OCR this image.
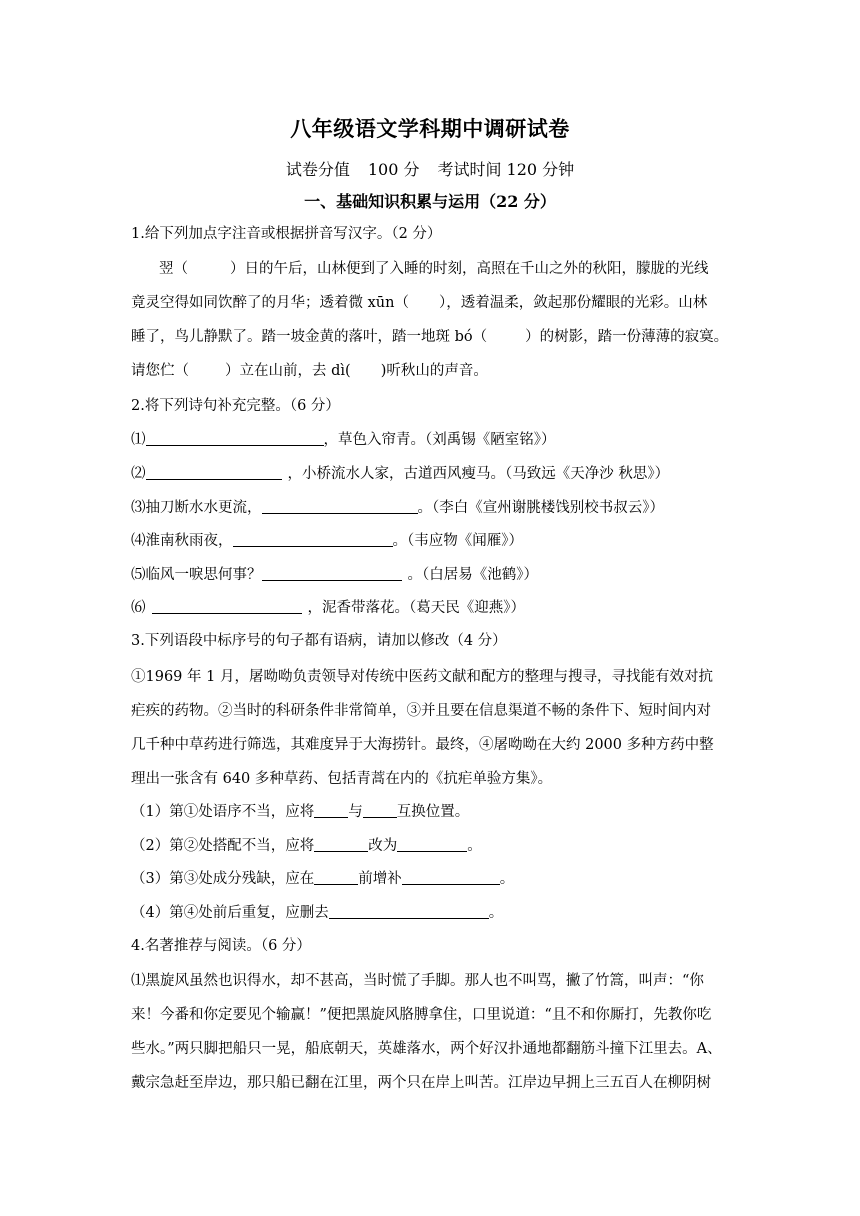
八年级语文学科期中调研试卷
试卷分值 100 分 考试时间 120 分钟
一、基础知识积累与运用（22 分）
1.给下列加点字注音或根据拼音写汉字。（2 分）
翌（	）日的午后，山林便到了入睡的时刻，高照在千山之外的秋阳，朦胧的光线
竟灵空得如同饮醉了的月华；透着微 xūn（ ），透着温柔，敛起那份耀眼的光彩。山林
睡了，鸟儿静默了。踏一坡金黄的落叶，踏一地斑 bó（	）的树影，踏一份薄薄的寂寞。
请您伫（ ）立在山前，去 dì( )听秋山的声音。
2.将下列诗句补充完整。（6 分）
⑴	，草色入帘青。（刘禹锡《陋室铭》）
⑵	，小桥流水人家，古道西风瘦马。（马致远《天净沙 秋思》）
⑶抽刀断水水更流，	。（李白《宣州谢朓楼饯别校书叔云》）
⑷淮南秋雨夜，	。（韦应物《闻雁》）
⑸临风一唳思何事？	。（白居易《池鹤》）
⑹	，泥香带落花。（葛天民《迎燕》）
3.下列语段中标序号的句子都有语病，请加以修改（4 分）
①1969 年 1 月，屠呦呦负责领导对传统中医药文献和配方的整理与搜寻，寻找能有效对抗
疟疾的药物。②当时的科研条件非常简单，③并且要在信息渠道不畅的条件下、短时间内对
几千种中草药进行筛选，其难度异于大海捞针。最终，④屠呦呦在大约 2000 多种方药中整
理出一张含有 640 多种草药、包括青蒿在内的《抗疟单验方集》。
（1）第①处语序不当，应将 与 互换位置。
（2）第②处搭配不当，应将	改为	。
（3）第③处成分残缺，应在	前增补	。
（4）第④处前后重复，应删去	。
4.名著推荐与阅读。（6 分）
⑴黑旋风虽然也识得水，却不甚高，当时慌了手脚。那人也不叫骂，撇了竹篙，叫声：“你
来！今番和你定要见个输赢！”便把黑旋风胳膊拿住，口里说道：“且不和你厮打，先教你吃
些水。”两只脚把船只一晃，船底朝天，英雄落水，两个好汉扑通地都翻筋斗撞下江里去。A、
戴宗急赶至岸边，那只船已翻在江里，两个只在岸上叫苦。江岸边早拥上三五百人在柳阴树
